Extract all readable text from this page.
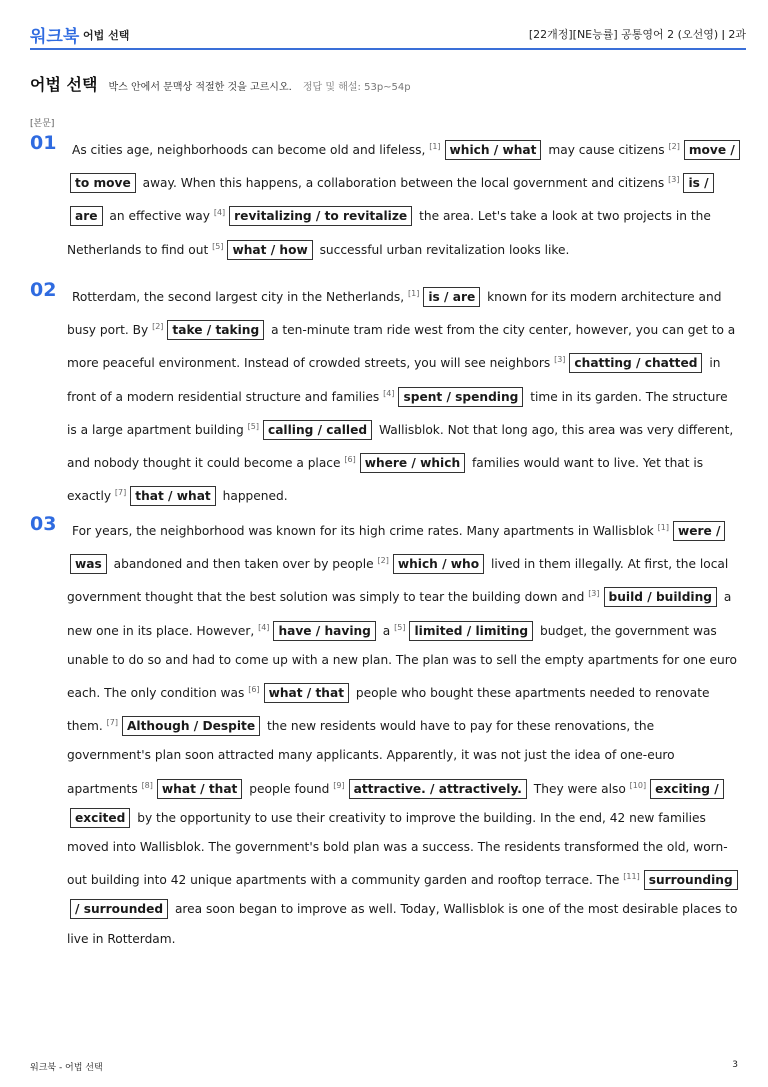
워크북 어법 선택	[22개정][NE능률] 공통영어 2 (오선영) ǀ 2과
어법 선택 박스 안에서 문맥상 적절한 것을 고르시오. 정답 및 해설: 53p~54p
[본문]
01	As cities age, neighborhoods can become old and lifeless, [1] which / what may cause citizens [2] move / to move away. When this happens, a collaboration between the local government and citizens [3] is / are an effective way [4] revitalizing / to revitalize the area. Let's take a look at two projects in the Netherlands to find out [5] what / how successful urban revitalization looks like.
02	Rotterdam, the second largest city in the Netherlands, [1] is / are known for its modern architecture and busy port. By [2] take / taking a ten-minute tram ride west from the city center, however, you can get to a more peaceful environment. Instead of crowded streets, you will see neighbors [3] chatting / chatted in front of a modern residential structure and families [4] spent / spending time in its garden. The structure is a large apartment building [5] calling / called Wallisblok. Not that long ago, this area was very different, and nobody thought it could become a place [6] where / which families would want to live. Yet that is exactly [7] that / what happened.
03	For years, the neighborhood was known for its high crime rates. Many apartments in Wallisblok [1] were / was abandoned and then taken over by people [2] which / who lived in them illegally. At first, the local government thought that the best solution was simply to tear the building down and [3] build / building a new one in its place. However, [4] have / having a [5] limited / limiting budget, the government was unable to do so and had to come up with a new plan. The plan was to sell the empty apartments for one euro each. The only condition was [6] what / that people who bought these apartments needed to renovate them. [7] Although / Despite the new residents would have to pay for these renovations, the government's plan soon attracted many applicants. Apparently, it was not just the idea of one-euro apartments [8] what / that people found [9] attractive. / attractively. They were also [10] exciting / excited by the opportunity to use their creativity to improve the building. In the end, 42 new families moved into Wallisblok. The government's bold plan was a success. The residents transformed the old, worn-out building into 42 unique apartments with a community garden and rooftop terrace. The [11] surrounding / surrounded area soon began to improve as well. Today, Wallisblok is one of the most desirable places to live in Rotterdam.
워크북 - 어법 선택	3
